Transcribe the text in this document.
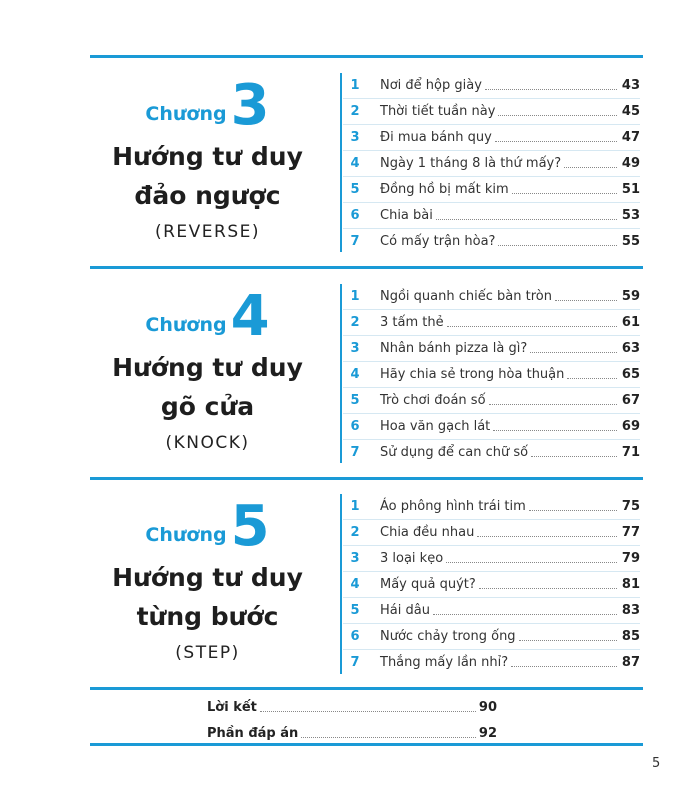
Chương 3
Hướng tư duy
đảo ngược
(REVERSE)
1	Nơi để hộp giày	43
2	Thời tiết tuần này	45
3	Đi mua bánh quy	47
4	Ngày 1 tháng 8 là thứ mấy?	49
5	Đồng hồ bị mất kim	51
6	Chia bài	53
7	Có mấy trận hòa?	55
Chương 4
Hướng tư duy
gõ cửa
(KNOCK)
1	Ngồi quanh chiếc bàn tròn	59
2	3 tấm thẻ	61
3	Nhân bánh pizza là gì?	63
4	Hãy chia sẻ trong hòa thuận	65
5	Trò chơi đoán số	67
6	Hoa văn gạch lát	69
7	Sử dụng để can chữ số	71
Chương 5
Hướng tư duy
từng bước
(STEP)
1	Áo phông hình trái tim	75
2	Chia đều nhau	77
3	3 loại kẹo	79
4	Mấy quả quýt?	81
5	Hái dâu	83
6	Nước chảy trong ống	85
7	Thắng mấy lần nhỉ?	87
Lời kết	90
Phần đáp án	92
5
